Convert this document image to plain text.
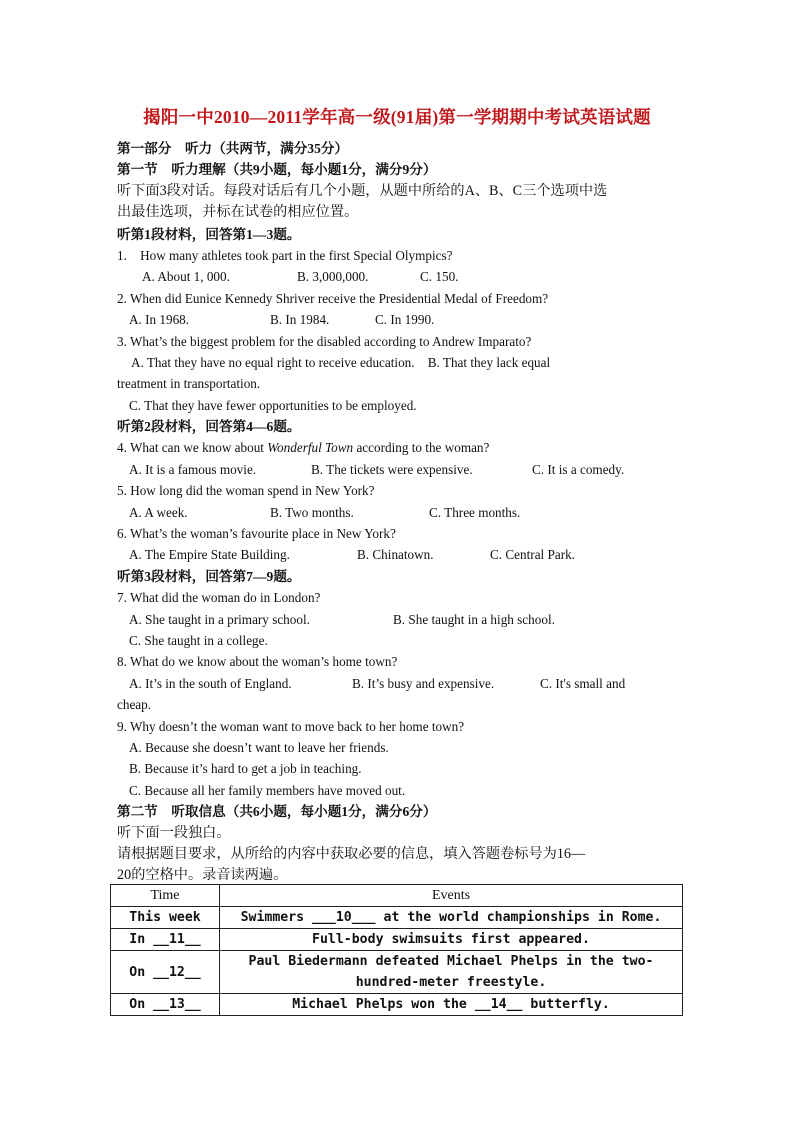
揭阳一中2010—2011学年高一级(91届)第一学期期中考试英语试题
第一部分　听力（共两节，满分35分）
第一节　听力理解（共9小题，每小题1分，满分9分）
听下面3段对话。每段对话后有几个小题，从题中所给的A、B、C三个选项中选
出最佳选项，并标在试卷的相应位置。
听第1段材料，回答第1—3题。
1.　How many athletes took part in the first Special Olympics?
A. About 1, 000.	B. 3,000,000.	C. 150.
2. When did Eunice Kennedy Shriver receive the Presidential Medal of Freedom?
A. In 1968.	B. In 1984.	C. In 1990.
3. What’s the biggest problem for the disabled according to Andrew Imparato?
A. That they have no equal right to receive education.　B. That they lack equal
treatment in transportation.
C. That they have fewer opportunities to be employed.
听第2段材料，回答第4—6题。
4. What can we know about Wonderful Town according to the woman?
A. It is a famous movie.	B. The tickets were expensive.	C. It is a comedy.
5. How long did the woman spend in New York?
A. A week.	B. Two months.	C. Three months.
6. What’s the woman’s favourite place in New York?
A. The Empire State Building.	B. Chinatown.	C. Central Park.
听第3段材料，回答第7—9题。
7. What did the woman do in London?
A. She taught in a primary school.	B. She taught in a high school.
C. She taught in a college.
8. What do we know about the woman’s home town?
A. It’s in the south of England.	B. It’s busy and expensive.	C. It's small and
cheap.
9. Why doesn’t the woman want to move back to her home town?
A. Because she doesn’t want to leave her friends.
B. Because it’s hard to get a job in teaching.
C. Because all her family members have moved out.
第二节　听取信息（共6小题，每小题1分，满分6分）
听下面一段独白。
请根据题目要求，从所给的内容中获取必要的信息，填入答题卷标号为16—
20的空格中。录音读两遍。
Time	Events
This week	Swimmers ___10___ at the world championships in Rome.
In __11__	Full-body swimsuits first appeared.
On __12__	Paul Biedermann defeated Michael Phelps in the two-hundred-meter freestyle.
On __13__	Michael Phelps won the __14__ butterfly.
